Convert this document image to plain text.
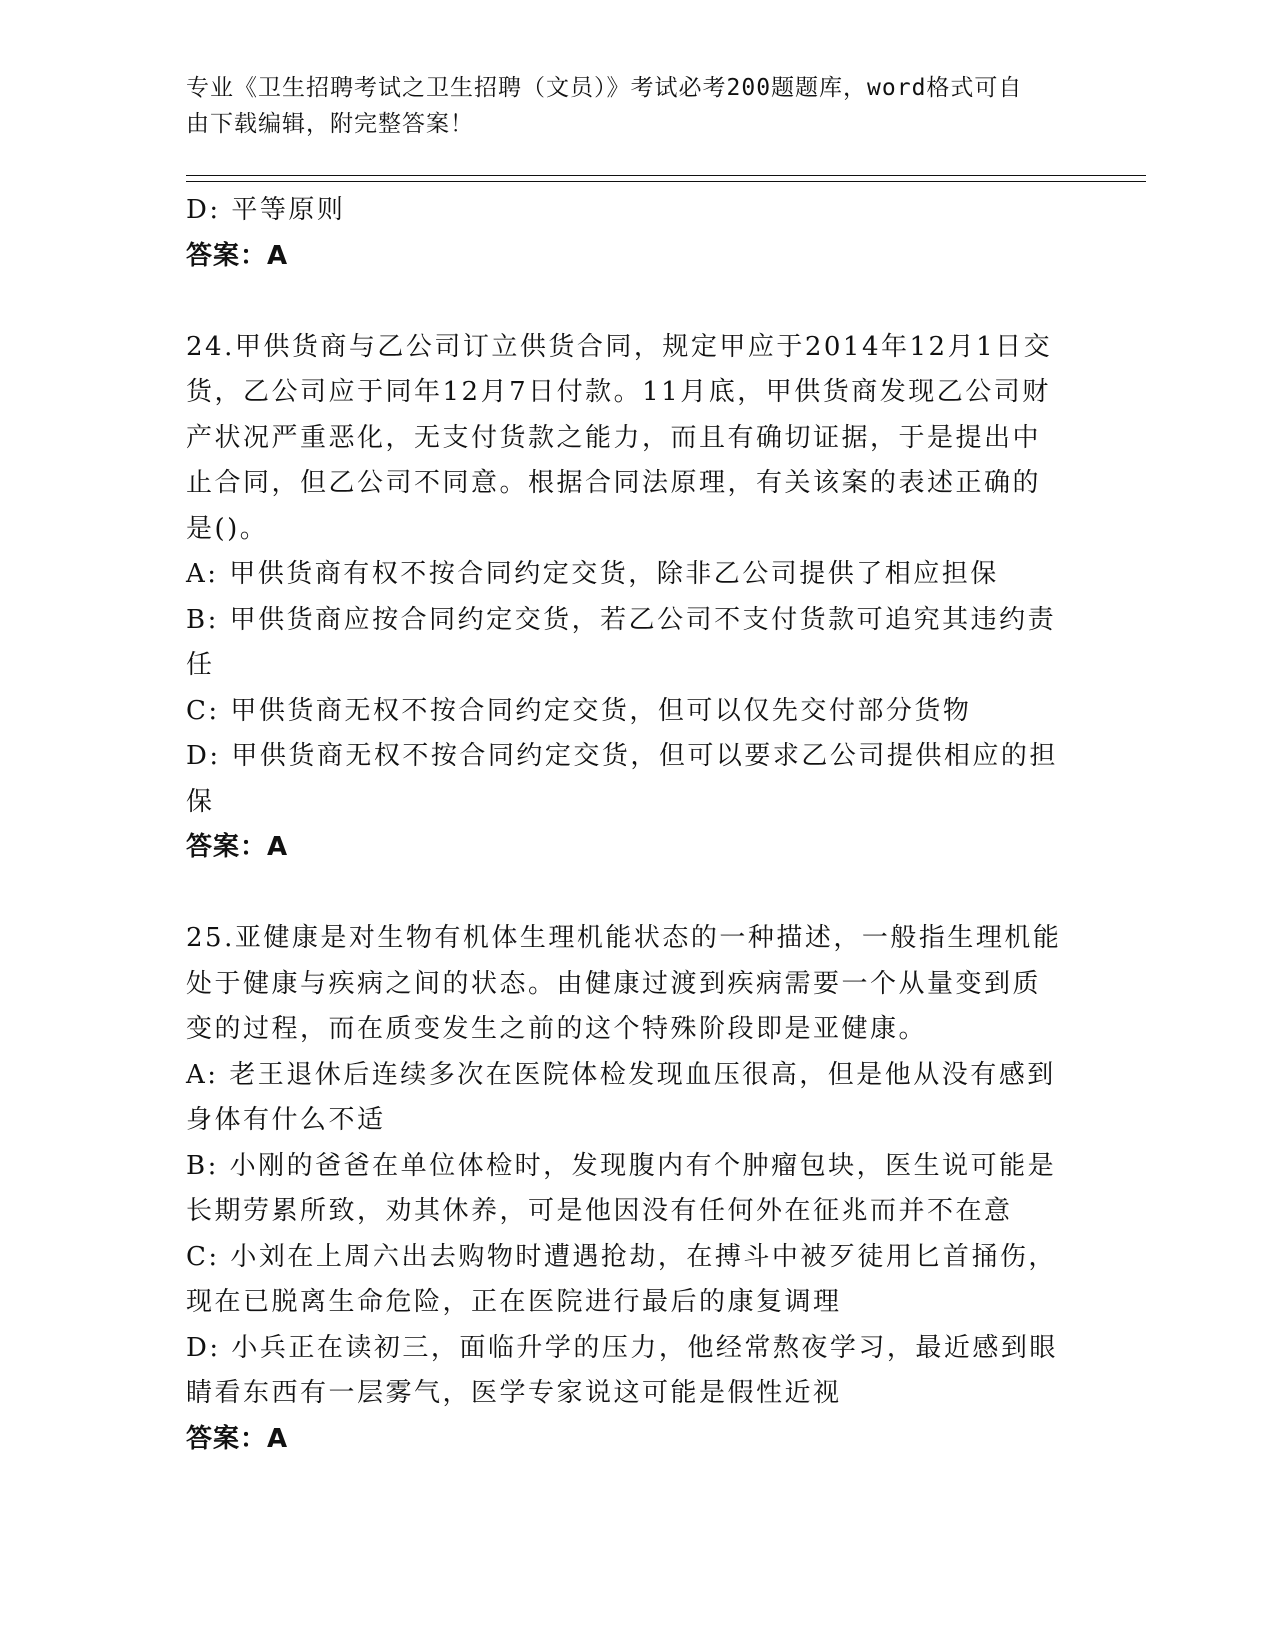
专业《卫生招聘考试之卫生招聘（文员）》考试必考200题题库，word格式可自
由下载编辑，附完整答案！
D: 平等原则
答案：A
24.甲供货商与乙公司订立供货合同，规定甲应于2014年12月1日交
货，乙公司应于同年12月7日付款。11月底，甲供货商发现乙公司财
产状况严重恶化，无支付货款之能力，而且有确切证据，于是提出中
止合同，但乙公司不同意。根据合同法原理，有关该案的表述正确的
是()。
A: 甲供货商有权不按合同约定交货，除非乙公司提供了相应担保
B: 甲供货商应按合同约定交货，若乙公司不支付货款可追究其违约责
任
C: 甲供货商无权不按合同约定交货，但可以仅先交付部分货物
D: 甲供货商无权不按合同约定交货，但可以要求乙公司提供相应的担
保
答案：A
25.亚健康是对生物有机体生理机能状态的一种描述，一般指生理机能
处于健康与疾病之间的状态。由健康过渡到疾病需要一个从量变到质
变的过程，而在质变发生之前的这个特殊阶段即是亚健康。
A: 老王退休后连续多次在医院体检发现血压很高，但是他从没有感到
身体有什么不适
B: 小刚的爸爸在单位体检时，发现腹内有个肿瘤包块，医生说可能是
长期劳累所致，劝其休养，可是他因没有任何外在征兆而并不在意
C: 小刘在上周六出去购物时遭遇抢劫，在搏斗中被歹徒用匕首捅伤，
现在已脱离生命危险，正在医院进行最后的康复调理
D: 小兵正在读初三，面临升学的压力，他经常熬夜学习，最近感到眼
睛看东西有一层雾气，医学专家说这可能是假性近视
答案：A
